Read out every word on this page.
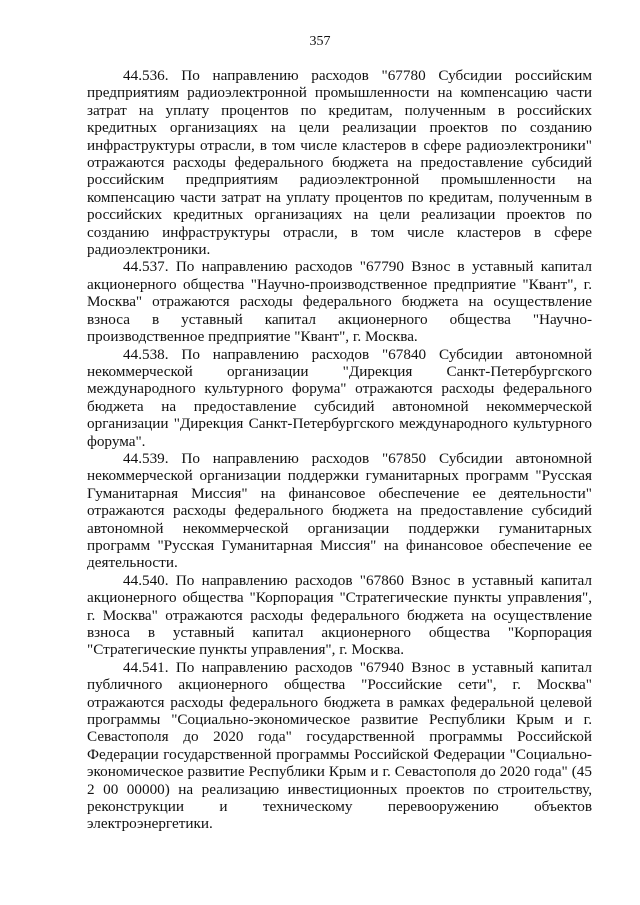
357

44.536. По направлению расходов "67780 Субсидии российским предприятиям радиоэлектронной промышленности на компенсацию части затрат на уплату процентов по кредитам, полученным в российских кредитных организациях на цели реализации проектов по созданию инфраструктуры отрасли, в том числе кластеров в сфере радиоэлектроники" отражаются расходы федерального бюджета на предоставление субсидий российским предприятиям радиоэлектронной промышленности на компенсацию части затрат на уплату процентов по кредитам, полученным в российских кредитных организациях на цели реализации проектов по созданию инфраструктуры отрасли, в том числе кластеров в сфере радиоэлектроники.

44.537. По направлению расходов "67790 Взнос в уставный капитал акционерного общества "Научно-производственное предприятие "Квант", г. Москва" отражаются расходы федерального бюджета на осуществление взноса в уставный капитал акционерного общества "Научно-производственное предприятие "Квант", г. Москва.

44.538. По направлению расходов "67840 Субсидии автономной некоммерческой организации "Дирекция Санкт-Петербургского международного культурного форума" отражаются расходы федерального бюджета на предоставление субсидий автономной некоммерческой организации "Дирекция Санкт-Петербургского международного культурного форума".

44.539. По направлению расходов "67850 Субсидии автономной некоммерческой организации поддержки гуманитарных программ "Русская Гуманитарная Миссия" на финансовое обеспечение ее деятельности" отражаются расходы федерального бюджета на предоставление субсидий автономной некоммерческой организации поддержки гуманитарных программ "Русская Гуманитарная Миссия" на финансовое обеспечение ее деятельности.

44.540. По направлению расходов "67860 Взнос в уставный капитал акционерного общества "Корпорация "Стратегические пункты управления", г. Москва" отражаются расходы федерального бюджета на осуществление взноса в уставный капитал акционерного общества "Корпорация "Стратегические пункты управления", г. Москва.

44.541. По направлению расходов "67940 Взнос в уставный капитал публичного акционерного общества "Российские сети", г. Москва" отражаются расходы федерального бюджета в рамках федеральной целевой программы "Социально-экономическое развитие Республики Крым и г. Севастополя до 2020 года" государственной программы Российской Федерации государственной программы Российской Федерации "Социально-экономическое развитие Республики Крым и г. Севастополя до 2020 года" (45 2 00 00000) на реализацию инвестиционных проектов по строительству, реконструкции и техническому перевооружению объектов электроэнергетики.
